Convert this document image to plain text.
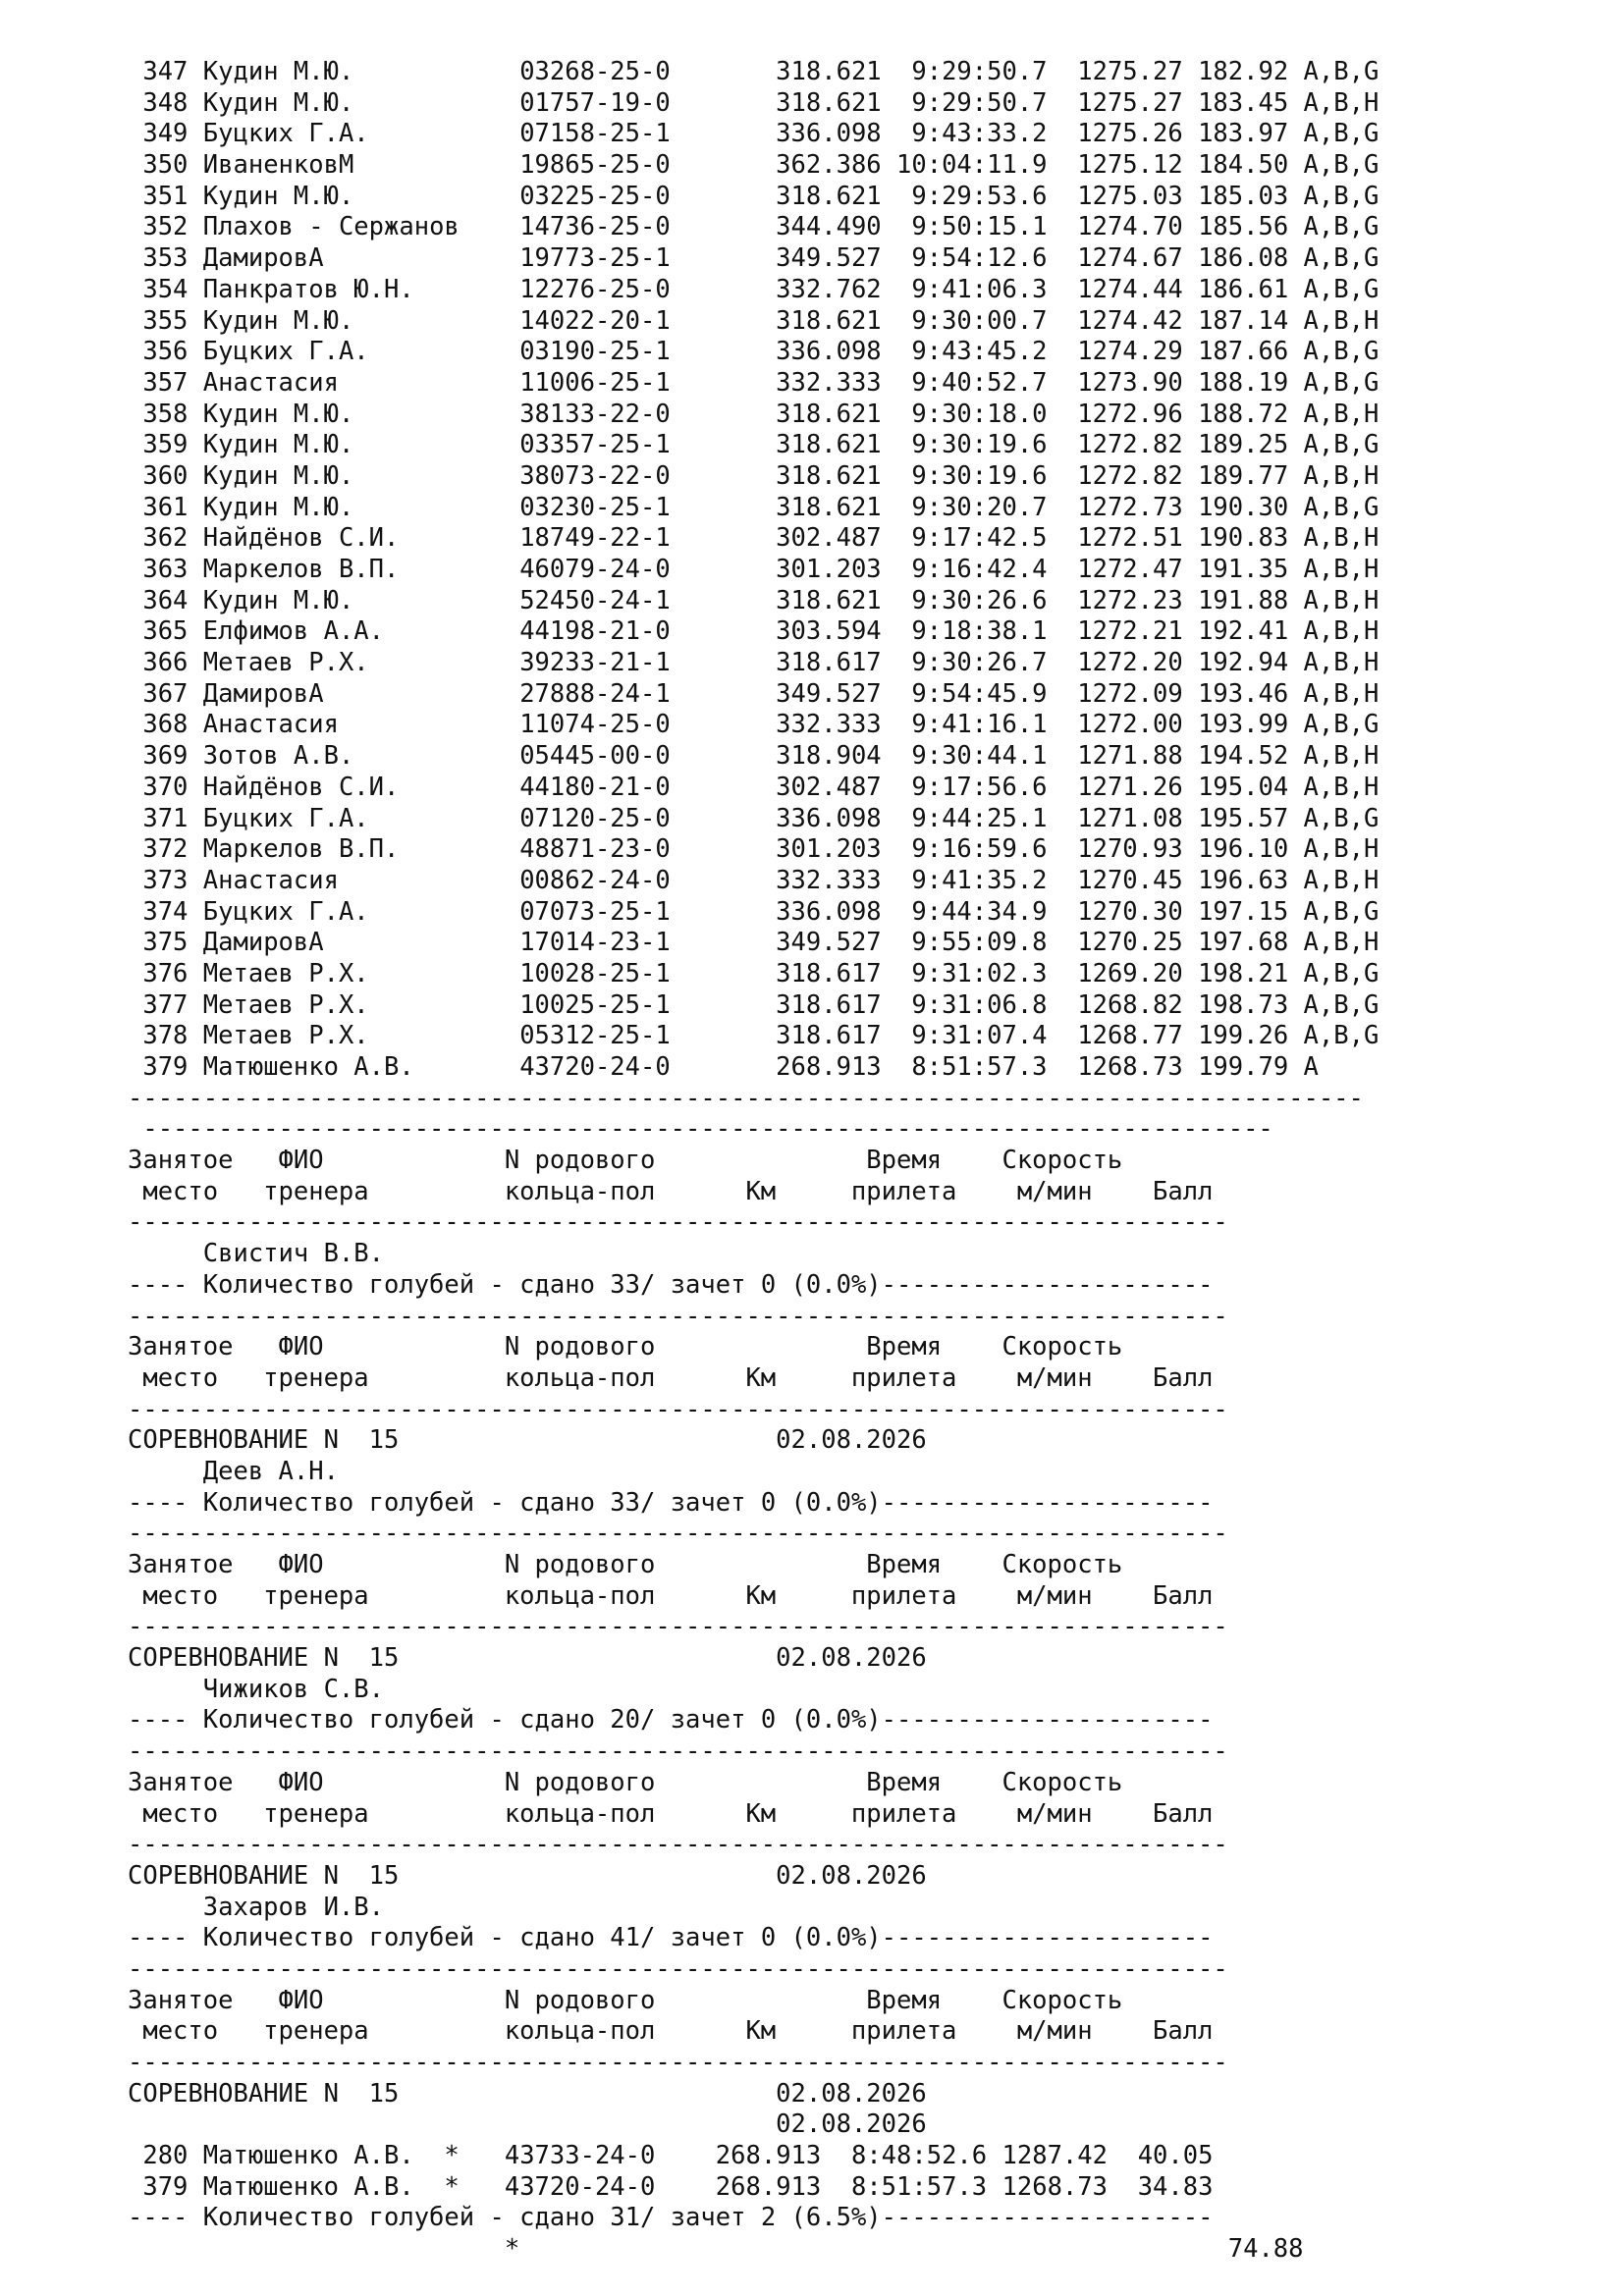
347 Кудин М.Ю.           03268-25-0       318.621  9:29:50.7  1275.27 182.92 A,B,G
348 Кудин М.Ю.           01757-19-0       318.621  9:29:50.7  1275.27 183.45 A,B,H
349 Буцких Г.А.          07158-25-1       336.098  9:43:33.2  1275.26 183.97 A,B,G
350 ИваненковМ           19865-25-0       362.386 10:04:11.9  1275.12 184.50 A,B,G
351 Кудин М.Ю.           03225-25-0       318.621  9:29:53.6  1275.03 185.03 A,B,G
352 Плахов - Сержанов    14736-25-0       344.490  9:50:15.1  1274.70 185.56 A,B,G
353 ДамировА             19773-25-1       349.527  9:54:12.6  1274.67 186.08 A,B,G
354 Панкратов Ю.Н.       12276-25-0       332.762  9:41:06.3  1274.44 186.61 A,B,G
355 Кудин М.Ю.           14022-20-1       318.621  9:30:00.7  1274.42 187.14 A,B,H
356 Буцких Г.А.          03190-25-1       336.098  9:43:45.2  1274.29 187.66 A,B,G
357 Анастасия            11006-25-1       332.333  9:40:52.7  1273.90 188.19 A,B,G
358 Кудин М.Ю.           38133-22-0       318.621  9:30:18.0  1272.96 188.72 A,B,H
359 Кудин М.Ю.           03357-25-1       318.621  9:30:19.6  1272.82 189.25 A,B,G
360 Кудин М.Ю.           38073-22-0       318.621  9:30:19.6  1272.82 189.77 A,B,H
361 Кудин М.Ю.           03230-25-1       318.621  9:30:20.7  1272.73 190.30 A,B,G
362 Найдёнов С.И.        18749-22-1       302.487  9:17:42.5  1272.51 190.83 A,B,H
363 Маркелов В.П.        46079-24-0       301.203  9:16:42.4  1272.47 191.35 A,B,H
364 Кудин М.Ю.           52450-24-1       318.621  9:30:26.6  1272.23 191.88 A,B,H
365 Елфимов А.А.         44198-21-0       303.594  9:18:38.1  1272.21 192.41 A,B,H
366 Метаев Р.Х.          39233-21-1       318.617  9:30:26.7  1272.20 192.94 A,B,H
367 ДамировА             27888-24-1       349.527  9:54:45.9  1272.09 193.46 A,B,H
368 Анастасия            11074-25-0       332.333  9:41:16.1  1272.00 193.99 A,B,G
369 Зотов А.В.           05445-00-0       318.904  9:30:44.1  1271.88 194.52 A,B,H
370 Найдёнов С.И.        44180-21-0       302.487  9:17:56.6  1271.26 195.04 A,B,H
371 Буцких Г.А.          07120-25-0       336.098  9:44:25.1  1271.08 195.57 A,B,G
372 Маркелов В.П.        48871-23-0       301.203  9:16:59.6  1270.93 196.10 A,B,H
373 Анастасия            00862-24-0       332.333  9:41:35.2  1270.45 196.63 A,B,H
374 Буцких Г.А.          07073-25-1       336.098  9:44:34.9  1270.30 197.15 A,B,G
375 ДамировА             17014-23-1       349.527  9:55:09.8  1270.25 197.68 A,B,H
376 Метаев Р.Х.          10028-25-1       318.617  9:31:02.3  1269.20 198.21 A,B,G
377 Метаев Р.Х.          10025-25-1       318.617  9:31:06.8  1268.82 198.73 A,B,G
378 Метаев Р.Х.          05312-25-1       318.617  9:31:07.4  1268.77 199.26 A,B,G
379 Матюшенко А.В.       43720-24-0       268.913  8:51:57.3  1268.73 199.79 A
----------------------------------------------------------------------------------
---------------------------------------------------------------------------
Занятое   ФИО            N родового              Время    Скорость
место   тренера         кольца-пол      Км     прилета    м/мин    Балл
-------------------------------------------------------------------------
Свистич В.В.
---- Количество голубей - сдано 33/ зачет 0 (0.0%)----------------------
-------------------------------------------------------------------------
Занятое   ФИО            N родового              Время    Скорость
место   тренера         кольца-пол      Км     прилета    м/мин    Балл
-------------------------------------------------------------------------
СОРЕВНОВАНИЕ N  15                         02.08.2026
Деев А.Н.
---- Количество голубей - сдано 33/ зачет 0 (0.0%)----------------------
-------------------------------------------------------------------------
Занятое   ФИО            N родового              Время    Скорость
место   тренера         кольца-пол      Км     прилета    м/мин    Балл
-------------------------------------------------------------------------
СОРЕВНОВАНИЕ N  15                         02.08.2026
Чижиков С.В.
---- Количество голубей - сдано 20/ зачет 0 (0.0%)----------------------
-------------------------------------------------------------------------
Занятое   ФИО            N родового              Время    Скорость
место   тренера         кольца-пол      Км     прилета    м/мин    Балл
-------------------------------------------------------------------------
СОРЕВНОВАНИЕ N  15                         02.08.2026
Захаров И.В.
---- Количество голубей - сдано 41/ зачет 0 (0.0%)----------------------
-------------------------------------------------------------------------
Занятое   ФИО            N родового              Время    Скорость
место   тренера         кольца-пол      Км     прилета    м/мин    Балл
-------------------------------------------------------------------------
СОРЕВНОВАНИЕ N  15                         02.08.2026
02.08.2026
280 Матюшенко А.В.  *   43733-24-0    268.913  8:48:52.6 1287.42  40.05
379 Матюшенко А.В.  *   43720-24-0    268.913  8:51:57.3 1268.73  34.83
---- Количество голубей - сдано 31/ зачет 2 (6.5%)----------------------
*                                               74.88
